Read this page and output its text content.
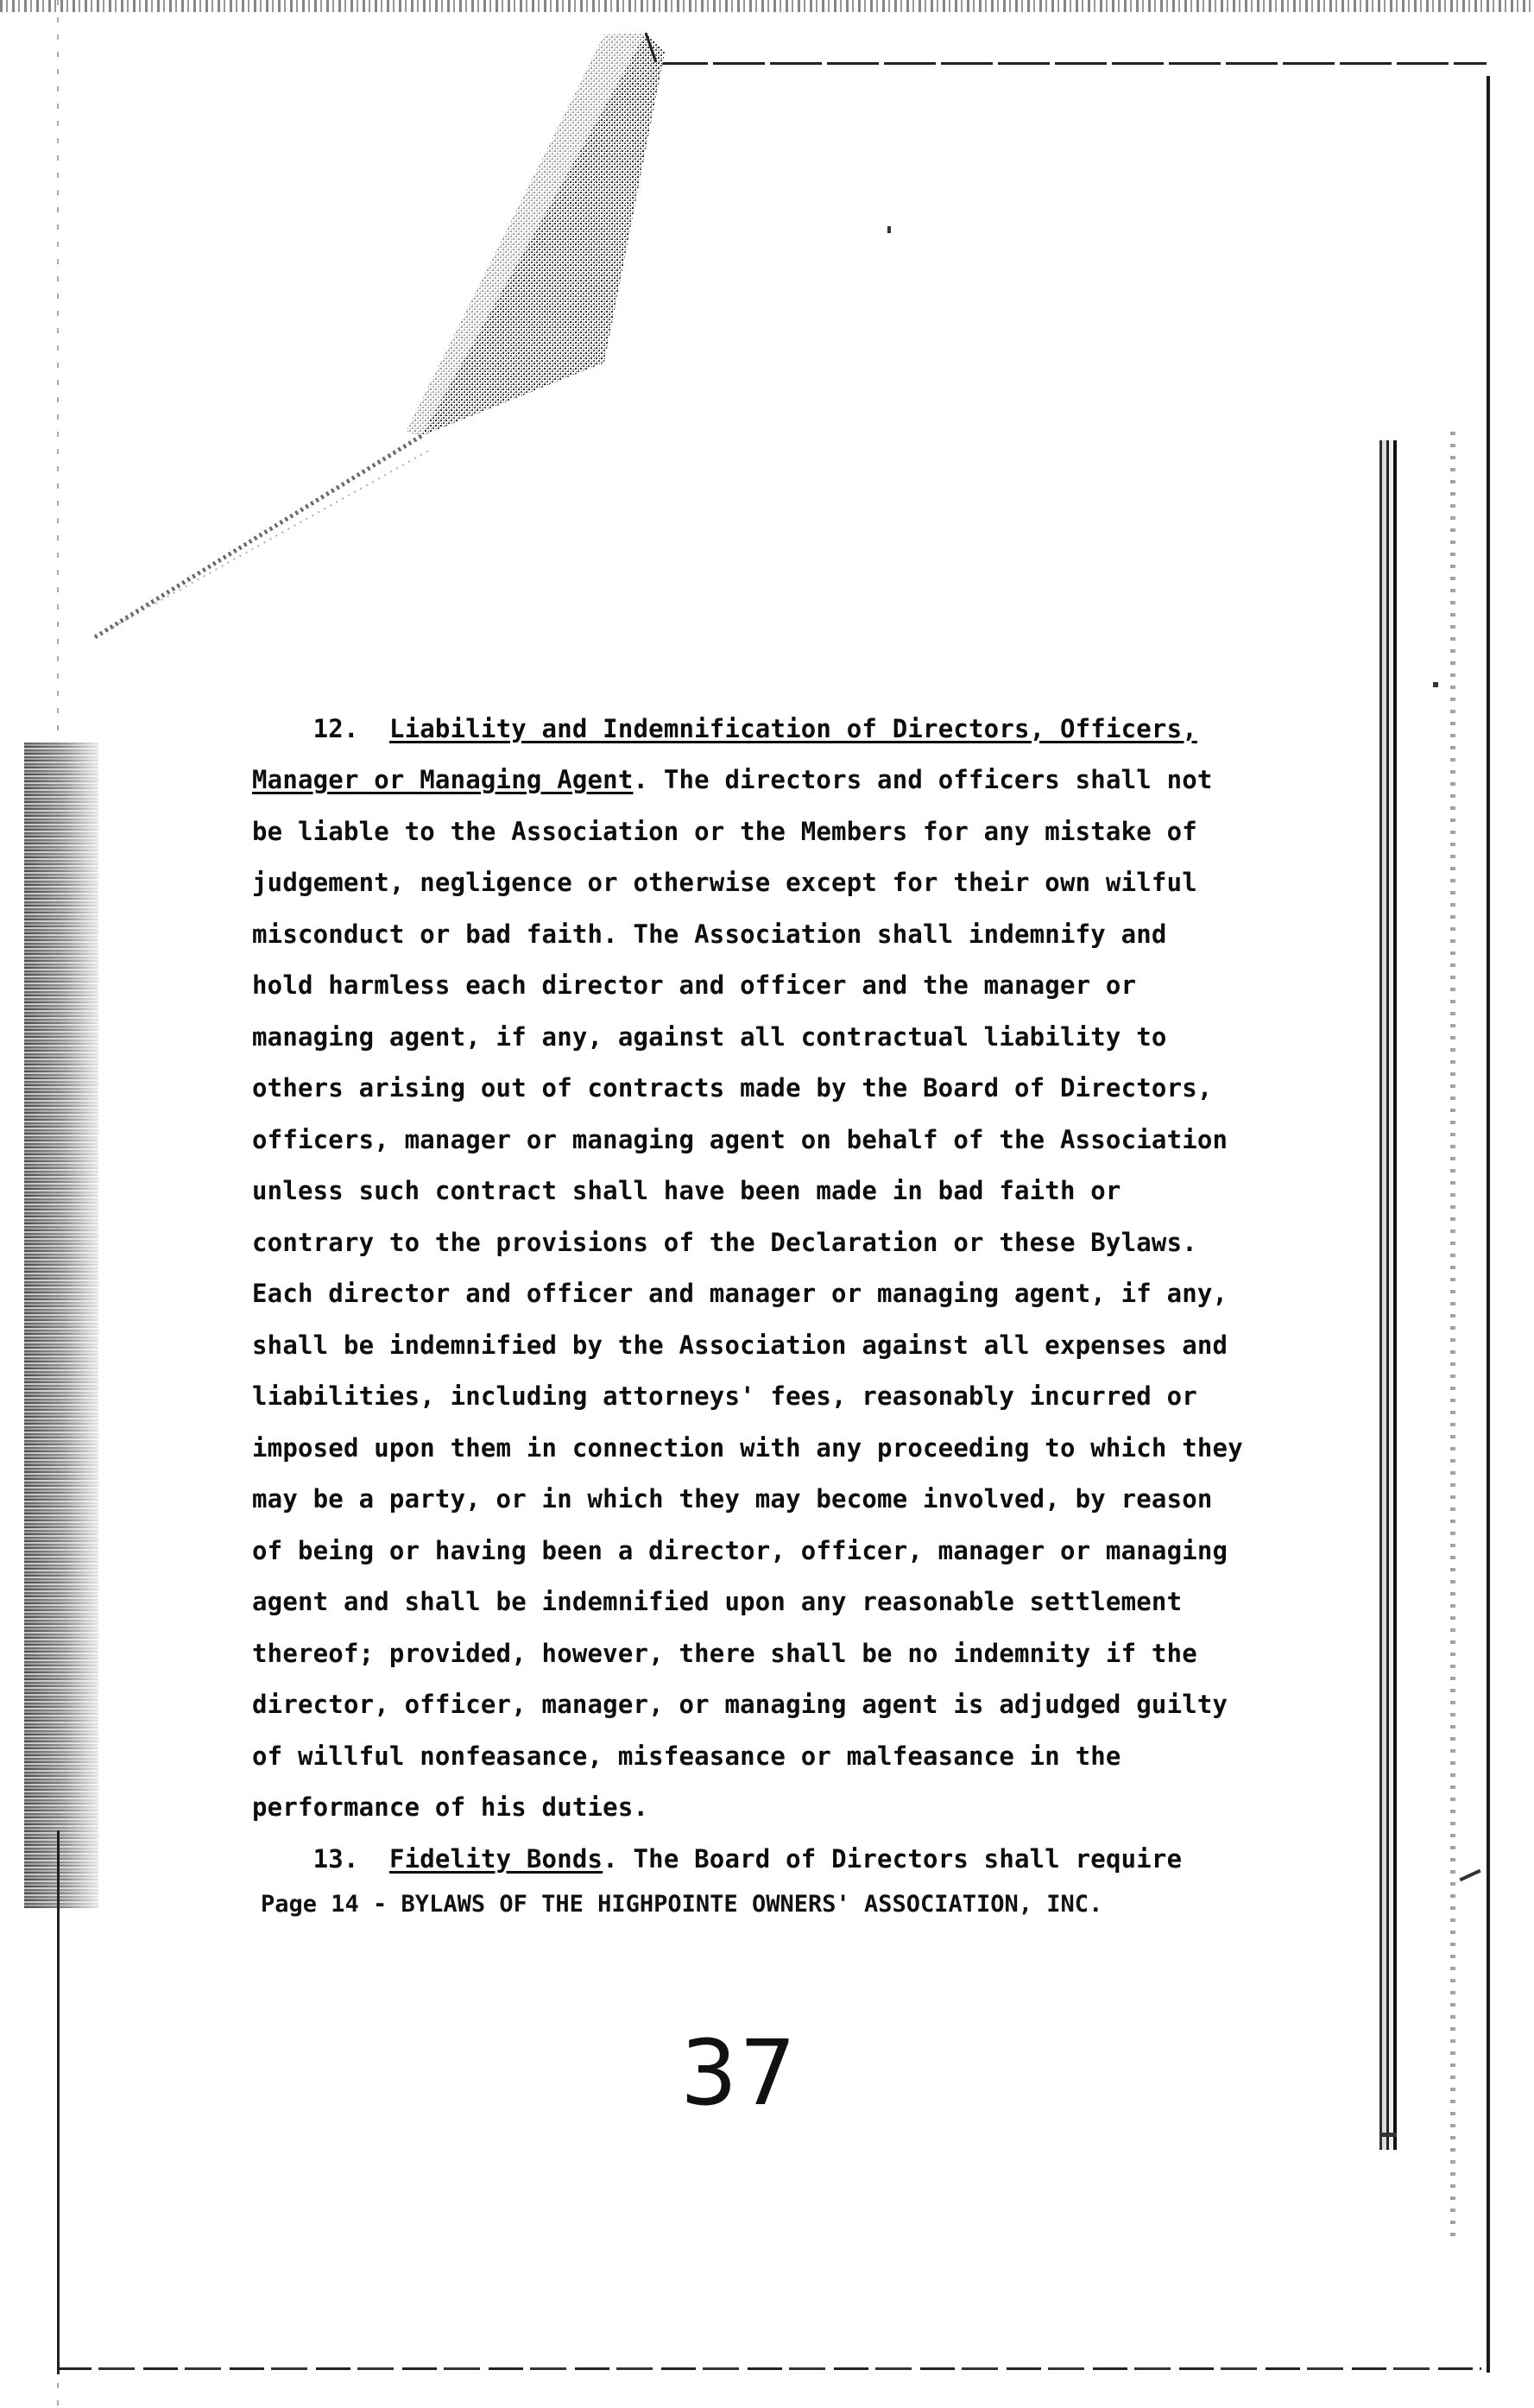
12. Liability and Indemnification of Directors, Officers,
Manager or Managing Agent. The directors and officers shall not
be liable to the Association or the Members for any mistake of
judgement, negligence or otherwise except for their own wilful
misconduct or bad faith. The Association shall indemnify and
hold harmless each director and officer and the manager or
managing agent, if any, against all contractual liability to
others arising out of contracts made by the Board of Directors,
officers, manager or managing agent on behalf of the Association
unless such contract shall have been made in bad faith or
contrary to the provisions of the Declaration or these Bylaws.
Each director and officer and manager or managing agent, if any,
shall be indemnified by the Association against all expenses and
liabilities, including attorneys' fees, reasonably incurred or
imposed upon them in connection with any proceeding to which they
may be a party, or in which they may become involved, by reason
of being or having been a director, officer, manager or managing
agent and shall be indemnified upon any reasonable settlement
thereof; provided, however, there shall be no indemnity if the
director, officer, manager, or managing agent is adjudged guilty
of willful nonfeasance, misfeasance or malfeasance in the
performance of his duties.
13. Fidelity Bonds. The Board of Directors shall require

Page 14 - BYLAWS OF THE HIGHPOINTE OWNERS' ASSOCIATION, INC.
37
